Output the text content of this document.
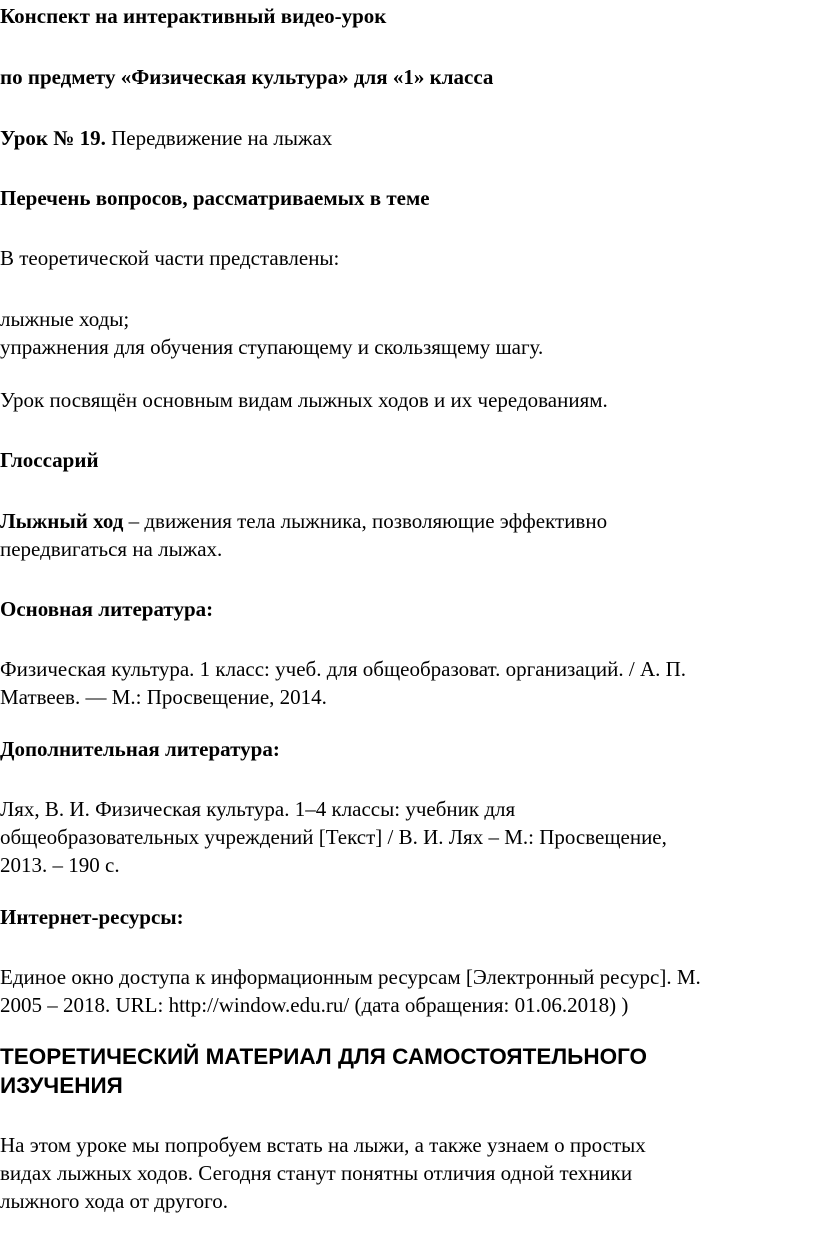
Конспект на интерактивный видео-урок
по предмету «Физическая культура» для «1» класса
Урок № 19. Передвижение на лыжах
Перечень вопросов, рассматриваемых в теме
В теоретической части представлены:
лыжные ходы;
упражнения для обучения ступающему и скользящему шагу.
Урок посвящён основным видам лыжных ходов и их чередованиям.
Глоссарий
Лыжный ход – движения тела лыжника, позволяющие эффективно
передвигаться на лыжах.
Основная литература:
Физическая культура. 1 класс: учеб. для общеобразоват. организаций. / А. П.
Матвеев. — М.: Просвещение, 2014.
Дополнительная литература:
Лях, В. И. Физическая культура. 1–4 классы: учебник для
общеобразовательных учреждений [Текст] / В. И. Лях – М.: Просвещение,
2013. – 190 с.
Интернет-ресурсы:
Единое окно доступа к информационным ресурсам [Электронный ресурс]. М.
2005 – 2018. URL: http://window.edu.ru/ (дата обращения: 01.06.2018) )
ТЕОРЕТИЧЕСКИЙ МАТЕРИАЛ ДЛЯ САМОСТОЯТЕЛЬНОГО
ИЗУЧЕНИЯ
На этом уроке мы попробуем встать на лыжи, а также узнаем о простых
видах лыжных ходов. Сегодня станут понятны отличия одной техники
лыжного хода от другого.
